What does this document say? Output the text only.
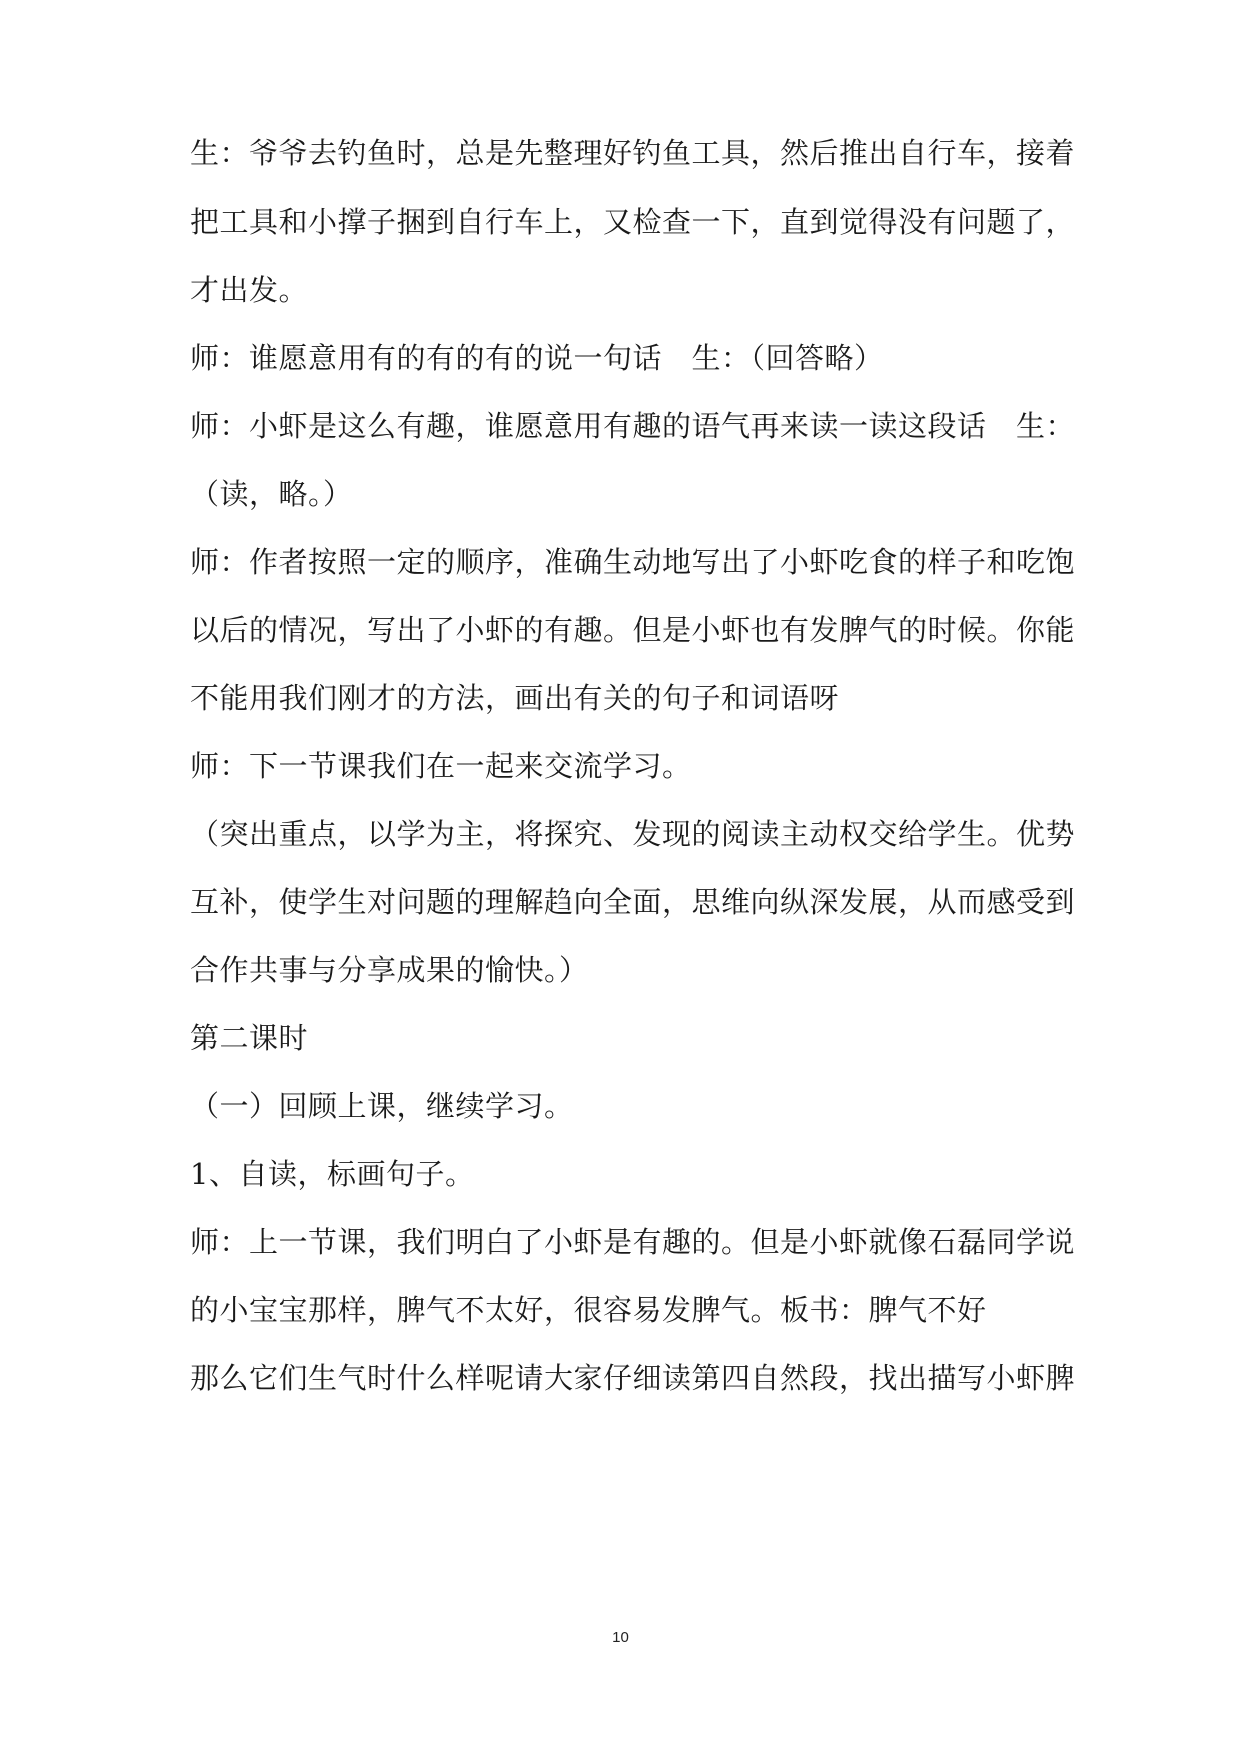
生：爷爷去钓鱼时，总是先整理好钓鱼工具，然后推出自行车，接着
把工具和小撑子捆到自行车上，又检查一下，直到觉得没有问题了，
才出发。
师：谁愿意用有的有的有的说一句话　生：（回答略）
师：小虾是这么有趣，谁愿意用有趣的语气再来读一读这段话　生：
（读，略。）
师：作者按照一定的顺序，准确生动地写出了小虾吃食的样子和吃饱
以后的情况，写出了小虾的有趣。但是小虾也有发脾气的时候。你能
不能用我们刚才的方法，画出有关的句子和词语呀
师：下一节课我们在一起来交流学习。
（突出重点，以学为主，将探究、发现的阅读主动权交给学生。优势
互补，使学生对问题的理解趋向全面，思维向纵深发展，从而感受到
合作共事与分享成果的愉快。）
第二课时
（一）回顾上课，继续学习。
1、自读，标画句子。
师：上一节课，我们明白了小虾是有趣的。但是小虾就像石磊同学说
的小宝宝那样，脾气不太好，很容易发脾气。板书：脾气不好
那么它们生气时什么样呢请大家仔细读第四自然段，找出描写小虾脾
10
